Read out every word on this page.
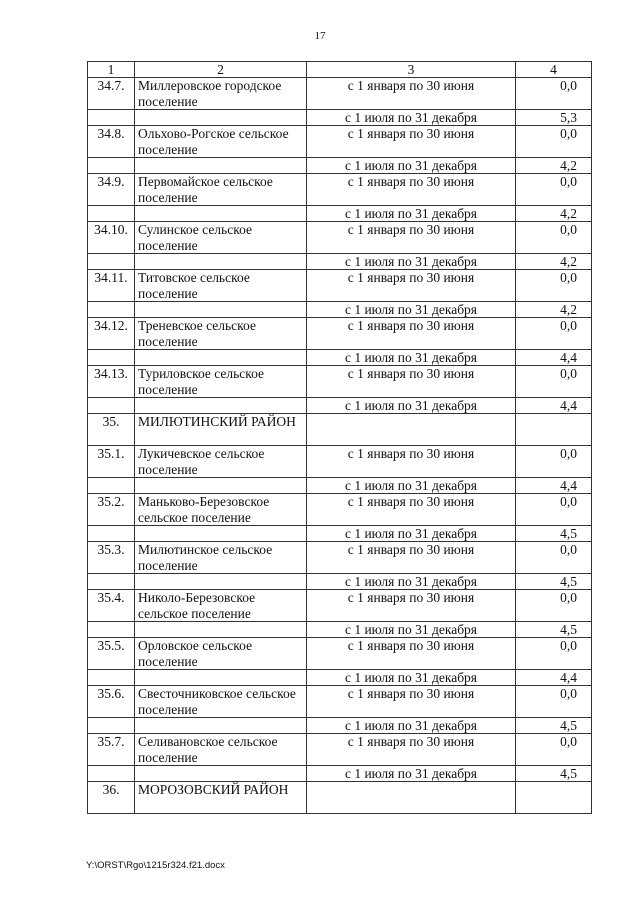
17
1	2	3	4
34.7.	Миллеровское городское поселение	с 1 января по 30 июня	0,0
		с 1 июля по 31 декабря	5,3
34.8.	Ольхово-Рогское сельское поселение	с 1 января по 30 июня	0,0
		с 1 июля по 31 декабря	4,2
34.9.	Первомайское сельское поселение	с 1 января по 30 июня	0,0
		с 1 июля по 31 декабря	4,2
34.10.	Сулинское сельское поселение	с 1 января по 30 июня	0,0
		с 1 июля по 31 декабря	4,2
34.11.	Титовское сельское поселение	с 1 января по 30 июня	0,0
		с 1 июля по 31 декабря	4,2
34.12.	Треневское сельское поселение	с 1 января по 30 июня	0,0
		с 1 июля по 31 декабря	4,4
34.13.	Туриловское сельское поселение	с 1 января по 30 июня	0,0
		с 1 июля по 31 декабря	4,4
35.	МИЛЮТИНСКИЙ РАЙОН		
35.1.	Лукичевское сельское поселение	с 1 января по 30 июня	0,0
		с 1 июля по 31 декабря	4,4
35.2.	Маньково-Березовское сельское поселение	с 1 января по 30 июня	0,0
		с 1 июля по 31 декабря	4,5
35.3.	Милютинское сельское поселение	с 1 января по 30 июня	0,0
		с 1 июля по 31 декабря	4,5
35.4.	Николо-Березовское сельское поселение	с 1 января по 30 июня	0,0
		с 1 июля по 31 декабря	4,5
35.5.	Орловское сельское поселение	с 1 января по 30 июня	0,0
		с 1 июля по 31 декабря	4,4
35.6.	Свесточниковское сельское поселение	с 1 января по 30 июня	0,0
		с 1 июля по 31 декабря	4,5
35.7.	Селивановское сельское поселение	с 1 января по 30 июня	0,0
		с 1 июля по 31 декабря	4,5
36.	МОРОЗОВСКИЙ РАЙОН		
Y:\ORST\Rgo\1215r324.f21.docx
